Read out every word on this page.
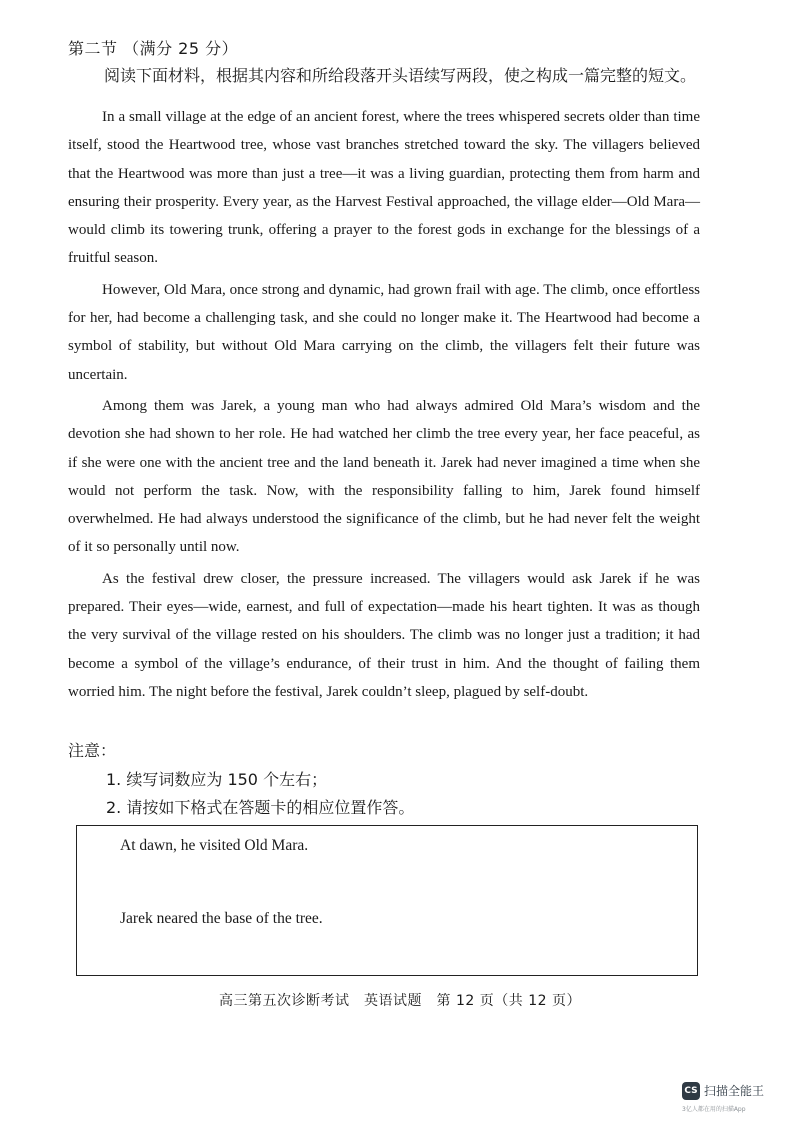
第二节 （满分 25 分）
阅读下面材料，根据其内容和所给段落开头语续写两段，使之构成一篇完整的短文。

In a small village at the edge of an ancient forest, where the trees whispered secrets older than time itself, stood the Heartwood tree, whose vast branches stretched toward the sky. The villagers believed that the Heartwood was more than just a tree—it was a living guardian, protecting them from harm and ensuring their prosperity. Every year, as the Harvest Festival approached, the village elder—Old Mara—would climb its towering trunk, offering a prayer to the forest gods in exchange for the blessings of a fruitful season.

However, Old Mara, once strong and dynamic, had grown frail with age. The climb, once effortless for her, had become a challenging task, and she could no longer make it. The Heartwood had become a symbol of stability, but without Old Mara carrying on the climb, the villagers felt their future was uncertain.

Among them was Jarek, a young man who had always admired Old Mara’s wisdom and the devotion she had shown to her role. He had watched her climb the tree every year, her face peaceful, as if she were one with the ancient tree and the land beneath it. Jarek had never imagined a time when she would not perform the task. Now, with the responsibility falling to him, Jarek found himself overwhelmed. He had always understood the significance of the climb, but he had never felt the weight of it so personally until now.

As the festival drew closer, the pressure increased. The villagers would ask Jarek if he was prepared. Their eyes—wide, earnest, and full of expectation—made his heart tighten. It was as though the very survival of the village rested on his shoulders. The climb was no longer just a tradition; it had become a symbol of the village’s endurance, of their trust in him. And the thought of failing them worried him. The night before the festival, Jarek couldn’t sleep, plagued by self-doubt.

注意：
1. 续写词数应为 150 个左右；
2. 请按如下格式在答题卡的相应位置作答。
At dawn, he visited Old Mara.
Jarek neared the base of the tree.
高三第五次诊断考试　英语试题　第 12 页（共 12 页）
CS 扫描全能王
3亿人都在用的扫描App
